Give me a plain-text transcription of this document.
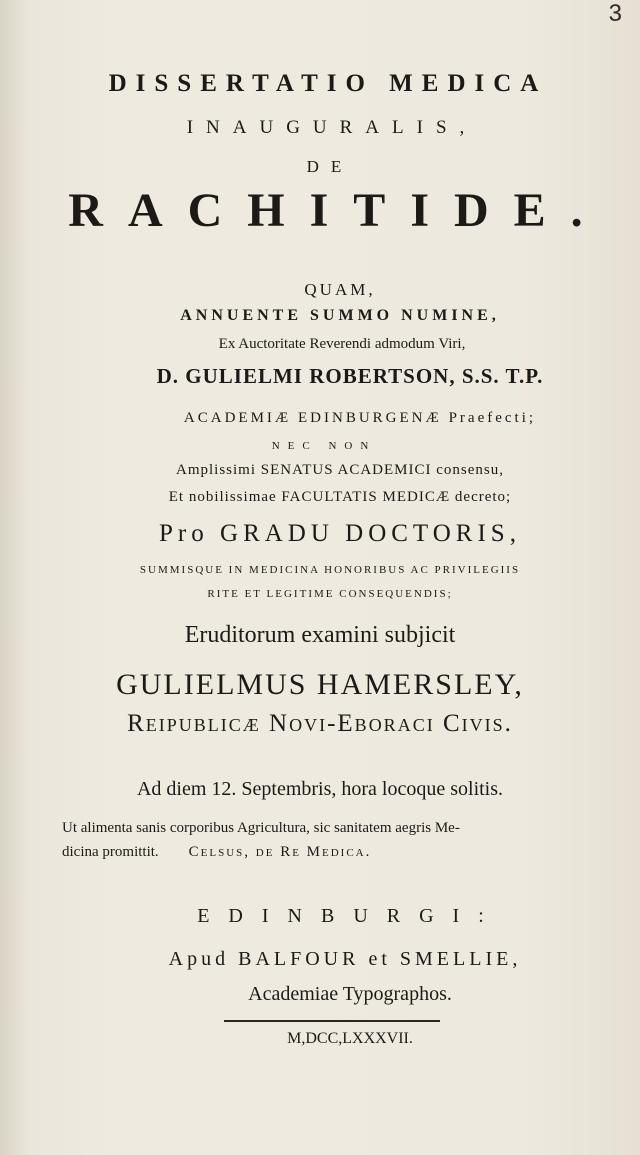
3
DISSERTATIO MEDICA
INAUGURALIS,
DE
RACHITIDE.
QUAM,
ANNUENTE SUMMO NUMINE,
Ex Auctoritate Reverendi admodum Viri,
D. GULIELMI ROBERTSON, S.S. T.P.
ACADEMIÆ EDINBURGENÆ Praefecti;
NEC NON
Amplissimi SENATUS ACADEMICI consensu,
Et nobilissimae FACULTATIS MEDICÆ decreto;
Pro GRADU DOCTORIS,
SUMMISQUE IN MEDICINA HONORIBUS AC PRIVILEGIIS
RITE ET LEGITIME CONSEQUENDIS;
Eruditorum examini subjicit
GULIELMUS HAMERSLEY,
Reipublicæ Novi-Eboraci Civis.
Ad diem 12. Septembris, hora locoque solitis.
Ut alimenta sanis corporibus Agricultura, sic sanitatem aegris Me-
dicina promittit. Celsus, de Re Medica.
EDINBURGI:
Apud BALFOUR et SMELLIE,
Academiae Typographos.
M,DCC,LXXXVII.
